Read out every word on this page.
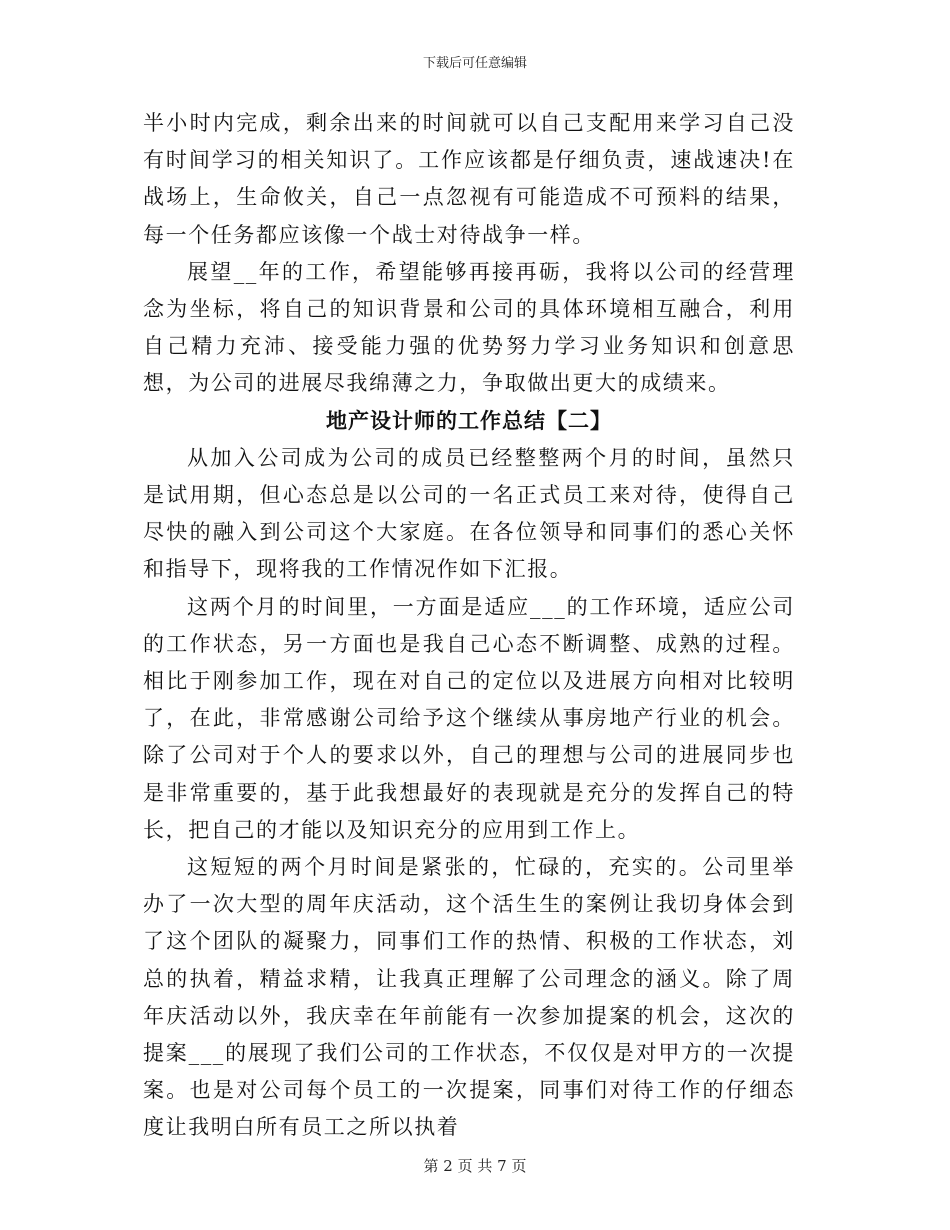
下载后可任意编辑

半小时内完成，剩余出来的时间就可以自己支配用来学习自己没有时间学习的相关知识了。工作应该都是仔细负责，速战速决!在战场上，生命攸关，自己一点忽视有可能造成不可预料的结果，每一个任务都应该像一个战士对待战争一样。

展望__年的工作，希望能够再接再砺，我将以公司的经营理念为坐标，将自己的知识背景和公司的具体环境相互融合，利用自己精力充沛、接受能力强的优势努力学习业务知识和创意思想，为公司的进展尽我绵薄之力，争取做出更大的成绩来。

地产设计师的工作总结【二】

从加入公司成为公司的成员已经整整两个月的时间，虽然只是试用期，但心态总是以公司的一名正式员工来对待，使得自己尽快的融入到公司这个大家庭。在各位领导和同事们的悉心关怀和指导下，现将我的工作情况作如下汇报。

这两个月的时间里，一方面是适应___的工作环境，适应公司的工作状态，另一方面也是我自己心态不断调整、成熟的过程。相比于刚参加工作，现在对自己的定位以及进展方向相对比较明了，在此，非常感谢公司给予这个继续从事房地产行业的机会。除了公司对于个人的要求以外，自己的理想与公司的进展同步也是非常重要的，基于此我想最好的表现就是充分的发挥自己的特长，把自己的才能以及知识充分的应用到工作上。

这短短的两个月时间是紧张的，忙碌的，充实的。公司里举办了一次大型的周年庆活动，这个活生生的案例让我切身体会到了这个团队的凝聚力，同事们工作的热情、积极的工作状态，刘总的执着，精益求精，让我真正理解了公司理念的涵义。除了周年庆活动以外，我庆幸在年前能有一次参加提案的机会，这次的提案___的展现了我们公司的工作状态，不仅仅是对甲方的一次提案。也是对公司每个员工的一次提案，同事们对待工作的仔细态度让我明白所有员工之所以执着

第 2 页 共 7 页
